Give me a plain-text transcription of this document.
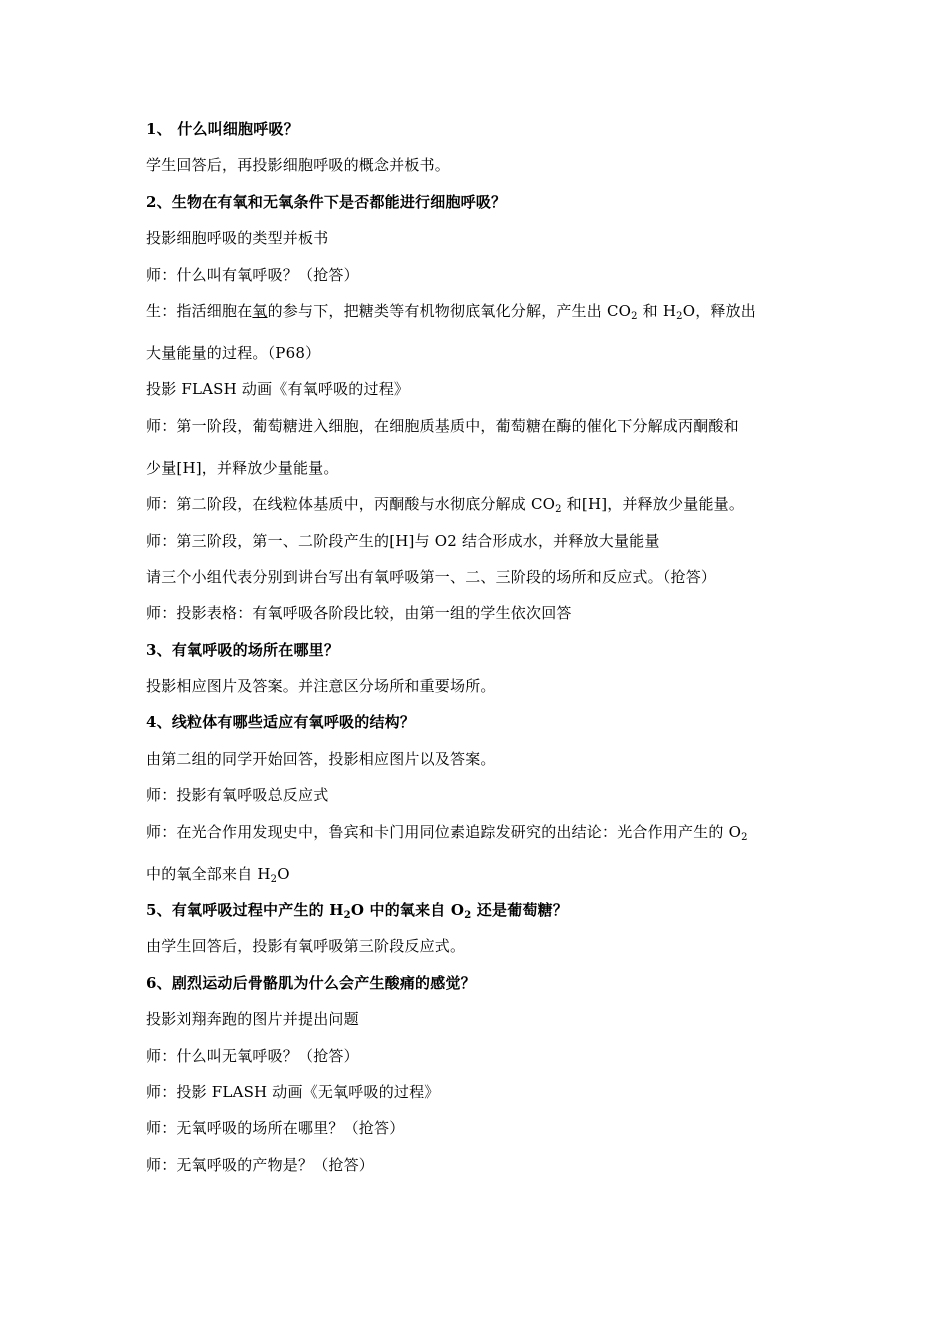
1、 什么叫细胞呼吸？
学生回答后，再投影细胞呼吸的概念并板书。
2、生物在有氧和无氧条件下是否都能进行细胞呼吸？
投影细胞呼吸的类型并板书
师：什么叫有氧呼吸？（抢答）
生：指活细胞在氧的参与下，把糖类等有机物彻底氧化分解，产生出 $CO_2$ 和 $H_2O$，释放出
大量能量的过程。（P68）
投影 FLASH 动画《有氧呼吸的过程》
师：第一阶段，葡萄糖进入细胞，在细胞质基质中，葡萄糖在酶的催化下分解成丙酮酸和
少量[H]，并释放少量能量。
师：第二阶段，在线粒体基质中，丙酮酸与水彻底分解成 $CO_2$ 和[H]，并释放少量能量。
师：第三阶段，第一、二阶段产生的[H]与 O2 结合形成水，并释放大量能量
请三个小组代表分别到讲台写出有氧呼吸第一、二、三阶段的场所和反应式。（抢答）
师：投影表格：有氧呼吸各阶段比较，由第一组的学生依次回答
3、有氧呼吸的场所在哪里？
投影相应图片及答案。并注意区分场所和重要场所。
4、线粒体有哪些适应有氧呼吸的结构？
由第二组的同学开始回答，投影相应图片以及答案。
师：投影有氧呼吸总反应式
师：在光合作用发现史中，鲁宾和卡门用同位素追踪发研究的出结论：光合作用产生的 $O_2$
中的氧全部来自 $H_2O$
5、有氧呼吸过程中产生的 $H_2O$ 中的氧来自 $O_2$ 还是葡萄糖？
由学生回答后，投影有氧呼吸第三阶段反应式。
6、剧烈运动后骨骼肌为什么会产生酸痛的感觉？
投影刘翔奔跑的图片并提出问题
师：什么叫无氧呼吸？（抢答）
师：投影 FLASH 动画《无氧呼吸的过程》
师：无氧呼吸的场所在哪里？（抢答）
师：无氧呼吸的产物是？（抢答）
